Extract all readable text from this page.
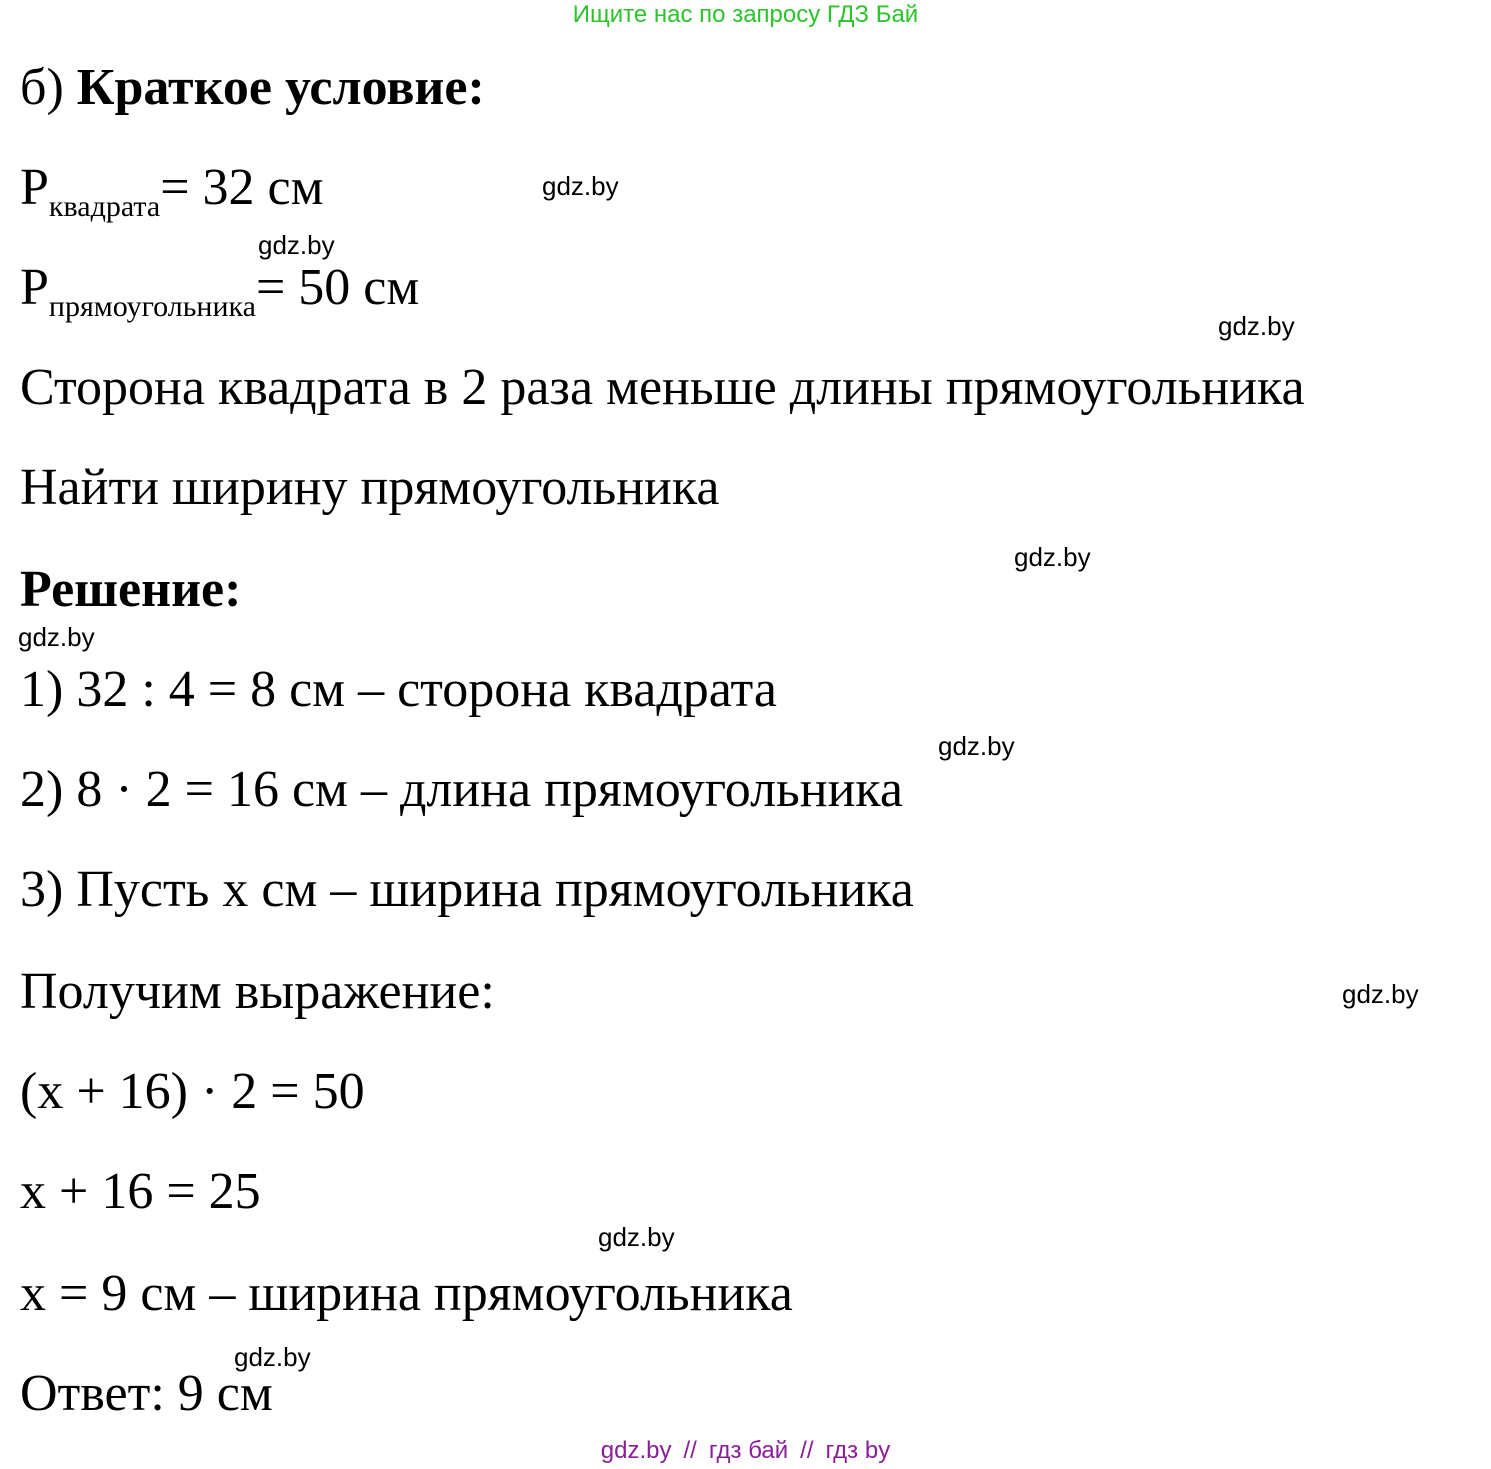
Ищите нас по запросу ГДЗ Бай
б) Краткое условие:
$P_{квадрата}= 32$ см
$P_{прямоугольника}= 50$ см
Сторона квадрата в 2 раза меньше длины прямоугольника
Найти ширину прямоугольника
Решение:
1) 32 : 4 = 8 см – сторона квадрата
2) 8 · 2 = 16 см – длина прямоугольника
3) Пусть x см – ширина прямоугольника
Получим выражение:
(x + 16) · 2 = 50
x + 16 = 25
x = 9 см – ширина прямоугольника
Ответ: 9 см
gdz.by
gdz.by
gdz.by
gdz.by
gdz.by
gdz.by
gdz.by
gdz.by
gdz.by
gdz.by // гдз бай // гдз by
